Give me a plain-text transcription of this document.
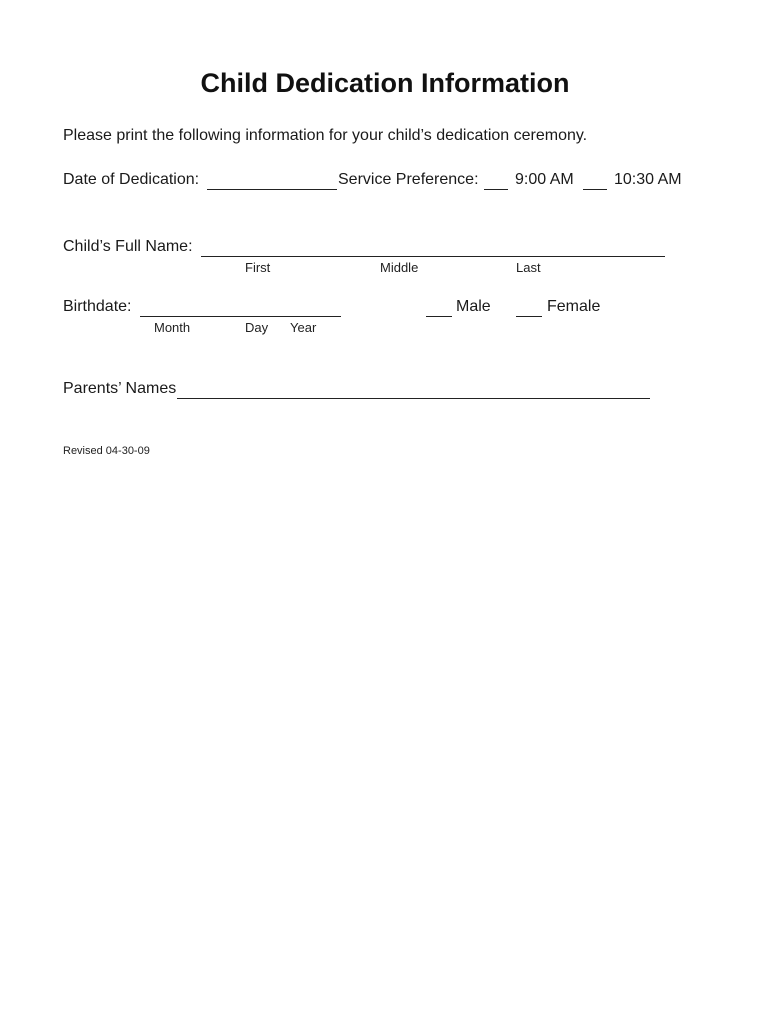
Child Dedication Information
Please print the following information for your child’s dedication ceremony.
Date of Dedication:	Service Preference: 9:00 AM	10:30 AM
Child’s Full Name:
First	Middle	Last
Birthdate:	Male	Female
Month	Day Year
Parents’ Names
Revised 04-30-09
